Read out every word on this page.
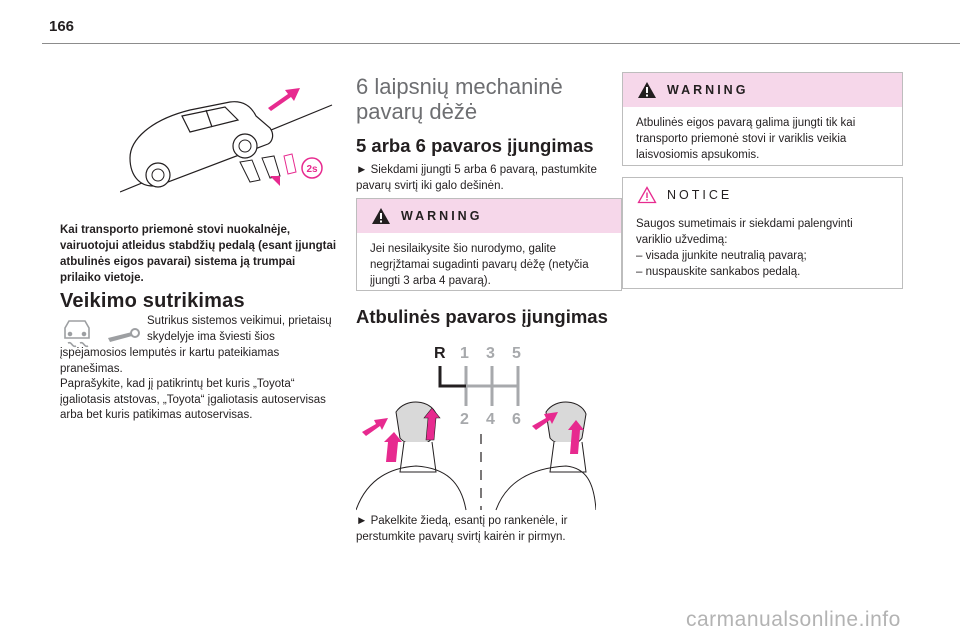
166
2s
Kai transporto priemonė stovi nuokalnėje, vairuotojui atleidus stabdžių pedalą (esant įjungtai atbulinės eigos pavarai) sistema ją trumpai prilaiko vietoje.
Veikimo sutrikimas
Sutrikus sistemos veikimui, prietaisų skydelyje ima šviesti šios
įspėjamosios lemputės ir kartu pateikiamas pranešimas.
Paprašykite, kad jį patikrintų bet kuris „Toyota“ įgaliotasis atstovas, „Toyota“ įgaliotasis autoservisas arba bet kuris patikimas autoservisas.
6 laipsnių mechaninė pavarų dėžė
5 arba 6 pavaros įjungimas
► Siekdami įjungti 5 arba 6 pavarą, pastumkite pavarų svirtį iki galo dešinėn.
WARNING
Jei nesilaikysite šio nurodymo, galite negrįžtamai sugadinti pavarų dėžę (netyčia įjungti 3 arba 4 pavarą).
Atbulinės pavaros įjungimas
R 1 3 5
2 4 6
► Pakelkite žiedą, esantį po rankenėle, ir perstumkite pavarų svirtį kairėn ir pirmyn.
WARNING
Atbulinės eigos pavarą galima įjungti tik kai transporto priemonė stovi ir variklis veikia laisvosiomis apsukomis.
NOTICE
Saugos sumetimais ir siekdami palengvinti variklio užvedimą:
– visada įjunkite neutralią pavarą;
– nuspauskite sankabos pedalą.
carmanualsonline.info
